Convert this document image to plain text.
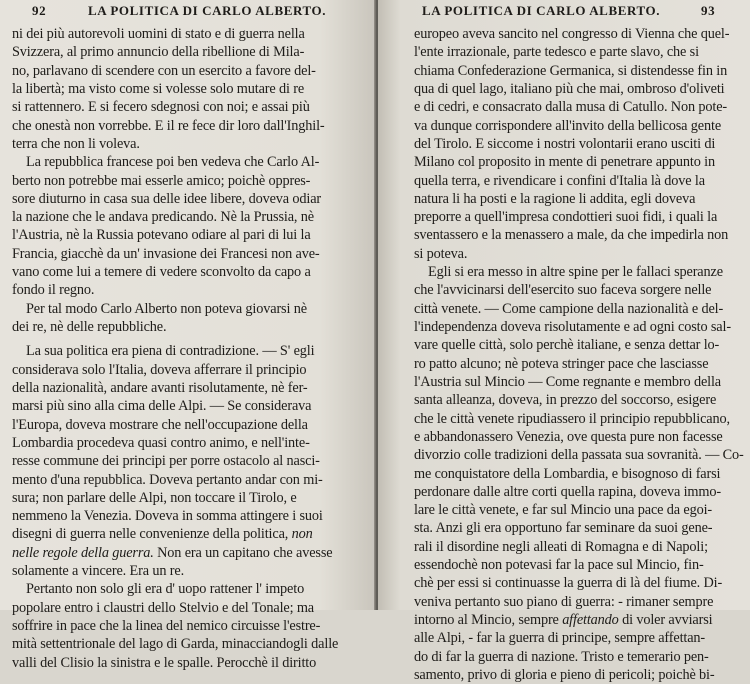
92	LA POLITICA DI CARLO ALBERTO.
ni dei più autorevoli uomini di stato e di guerra nella
Svizzera, al primo annuncio della ribellione di Mila-
no, parlavano di scendere con un esercito a favore del-
la libertà; ma visto come si volesse solo mutare di re
si rattennero. E si fecero sdegnosi con noi; e assai più
che onestà non vorrebbe. E il re fece dir loro dall'Inghil-
terra che non li voleva.
La repubblica francese poi ben vedeva che Carlo Al-
berto non potrebbe mai esserle amico; poichè oppres-
sore diuturno in casa sua delle idee libere, doveva odiar
la nazione che le andava predicando. Nè la Prussia, nè
l'Austria, nè la Russia potevano odiare al pari di lui la
Francia, giacchè da un' invasione dei Francesi non ave-
vano come lui a temere di vedere sconvolto da capo a
fondo il regno.
Per tal modo Carlo Alberto non poteva giovarsi nè
dei re, nè delle repubbliche.
La sua politica era piena di contradizione. — S' egli
considerava solo l'Italia, doveva afferrare il principio
della nazionalità, andare avanti risolutamente, nè fer-
marsi più sino alla cima delle Alpi. — Se considerava
l'Europa, doveva mostrare che nell'occupazione della
Lombardia procedeva quasi contro animo, e nell'inte-
resse commune dei principi per porre ostacolo al nasci-
mento d'una repubblica. Doveva pertanto andar con mi-
sura; non parlare delle Alpi, non toccare il Tirolo, e
nemmeno la Venezia. Doveva in somma attingere i suoi
disegni di guerra nelle convenienze della politica, non
nelle regole della guerra. Non era un capitano che avesse
solamente a vincere. Era un re.
Pertanto non solo gli era d' uopo rattener l' impeto
popolare entro i claustri dello Stelvio e del Tonale; ma
soffrire in pace che la linea del nemico circuisse l'estre-
mità settentrionale del lago di Garda, minacciandogli dalle
valli del Clisio la sinistra e le spalle. Perocchè il diritto
LA POLITICA DI CARLO ALBERTO.	93
europeo aveva sancito nel congresso di Vienna che quel-
l'ente irrazionale, parte tedesco e parte slavo, che si
chiama Confederazione Germanica, si distendesse fin in
qua di quel lago, italiano più che mai, ombroso d'oliveti
e di cedri, e consacrato dalla musa di Catullo. Non pote-
va dunque corrispondere all'invito della bellicosa gente
del Tirolo. E siccome i nostri volontarii erano usciti di
Milano col proposito in mente di penetrare appunto in
quella terra, e rivendicare i confini d'Italia là dove la
natura li ha posti e la ragione li addita, egli doveva
preporre a quell'impresa condottieri suoi fidi, i quali la
sventassero e la menassero a male, da che impedirla non
si poteva.
Egli si era messo in altre spine per le fallaci speranze
che l'avvicinarsi dell'esercito suo faceva sorgere nelle
città venete. — Come campione della nazionalità e del-
l'independenza doveva risolutamente e ad ogni costo sal-
vare quelle città, solo perchè italiane, e senza dettar lo-
ro patto alcuno; nè poteva stringer pace che lasciasse
l'Austria sul Mincio — Come regnante e membro della
santa alleanza, doveva, in prezzo del soccorso, esigere
che le città venete ripudiassero il principio repubblicano,
e abbandonassero Venezia, ove questa pure non facesse
divorzio colle tradizioni della passata sua sovranità. — Co-
me conquistatore della Lombardia, e bisognoso di farsi
perdonare dalle altre corti quella rapina, doveva immo-
lare le città venete, e far sul Mincio una pace da egoi-
sta. Anzi gli era opportuno far seminare da suoi gene-
rali il disordine negli alleati di Romagna e di Napoli;
essendochè non potevasi far la pace sul Mincio, fin-
chè per essi si continuasse la guerra di là del fiume. Di-
veniva pertanto suo piano di guerra: - rimaner sempre
intorno al Mincio, sempre affettando di voler avviarsi
alle Alpi, - far la guerra di principe, sempre affettan-
do di far la guerra di nazione. Tristo e temerario pen-
samento, privo di gloria e pieno di pericoli; poichè bi-
